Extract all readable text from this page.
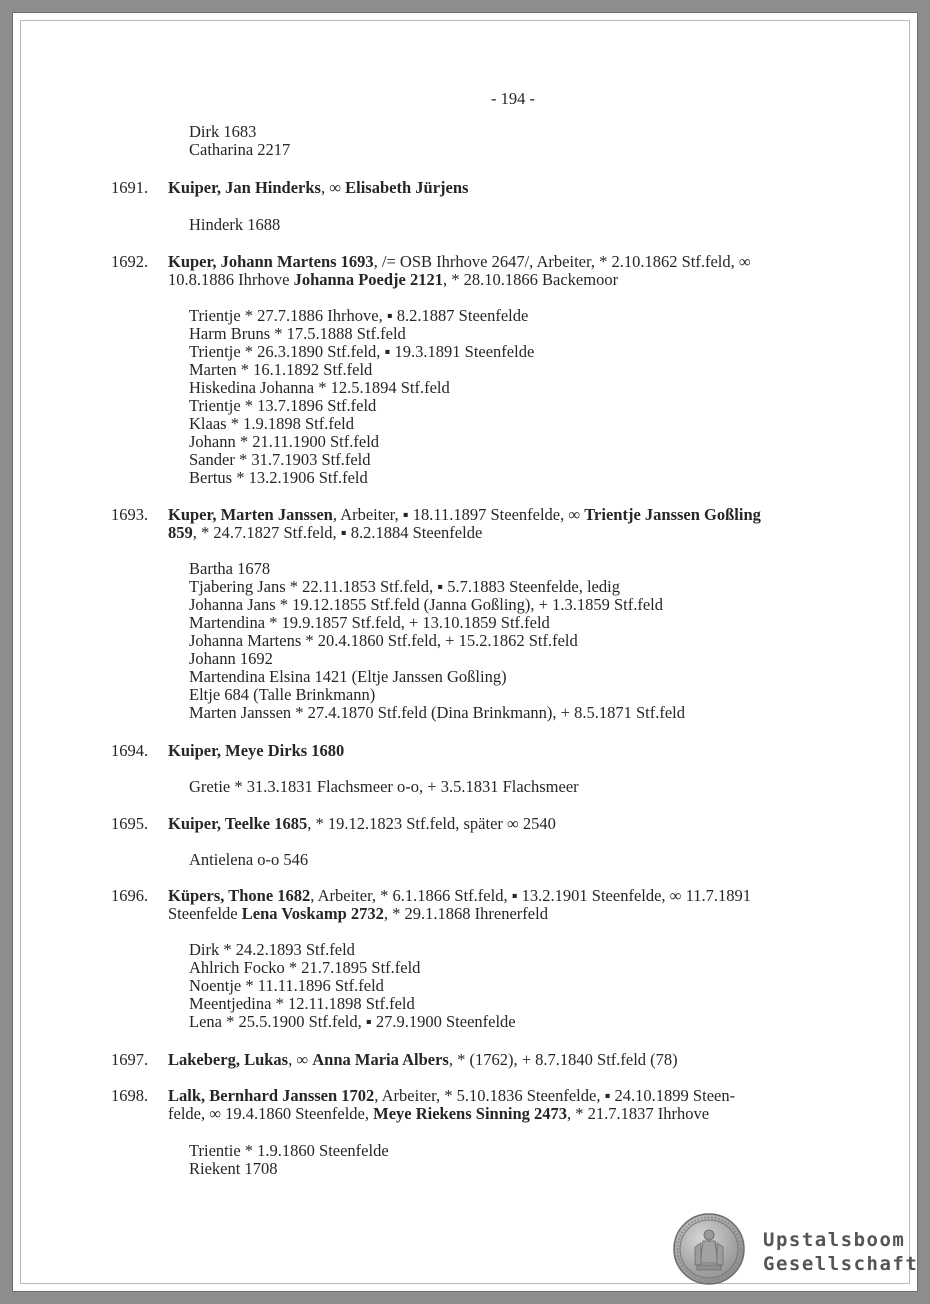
- 194 -
Dirk 1683
Catharina 2217
1691.	Kuiper, Jan Hinderks, ∞ Elisabeth Jürjens
Hinderk 1688
1692.	Kuper, Johann Martens 1693, /= OSB Ihrhove 2647/, Arbeiter, * 2.10.1862 Stf.feld, ∞
10.8.1886 Ihrhove Johanna Poedje 2121, * 28.10.1866 Backemoor
Trientje * 27.7.1886 Ihrhove, ▪ 8.2.1887 Steenfelde
Harm Bruns * 17.5.1888 Stf.feld
Trientje * 26.3.1890 Stf.feld, ▪ 19.3.1891 Steenfelde
Marten * 16.1.1892 Stf.feld
Hiskedina Johanna * 12.5.1894 Stf.feld
Trientje * 13.7.1896 Stf.feld
Klaas * 1.9.1898 Stf.feld
Johann * 21.11.1900 Stf.feld
Sander * 31.7.1903 Stf.feld
Bertus * 13.2.1906 Stf.feld
1693.	Kuper, Marten Janssen, Arbeiter, ▪ 18.11.1897 Steenfelde, ∞ Trientje Janssen Goßling
859, * 24.7.1827 Stf.feld, ▪ 8.2.1884 Steenfelde
Bartha 1678
Tjabering Jans * 22.11.1853 Stf.feld, ▪ 5.7.1883 Steenfelde, ledig
Johanna Jans * 19.12.1855 Stf.feld (Janna Goßling), + 1.3.1859 Stf.feld
Martendina * 19.9.1857 Stf.feld, + 13.10.1859 Stf.feld
Johanna Martens * 20.4.1860 Stf.feld, + 15.2.1862 Stf.feld
Johann 1692
Martendina Elsina 1421 (Eltje Janssen Goßling)
Eltje 684 (Talle Brinkmann)
Marten Janssen * 27.4.1870 Stf.feld (Dina Brinkmann), + 8.5.1871 Stf.feld
1694.	Kuiper, Meye Dirks 1680
Gretie * 31.3.1831 Flachsmeer o-o, + 3.5.1831 Flachsmeer
1695.	Kuiper, Teelke 1685, * 19.12.1823 Stf.feld, später ∞ 2540
Antielena o-o 546
1696.	Küpers, Thone 1682, Arbeiter, * 6.1.1866 Stf.feld, ▪ 13.2.1901 Steenfelde, ∞ 11.7.1891
Steenfelde Lena Voskamp 2732, * 29.1.1868 Ihrenerfeld
Dirk * 24.2.1893 Stf.feld
Ahlrich Focko * 21.7.1895 Stf.feld
Noentje * 11.11.1896 Stf.feld
Meentjedina * 12.11.1898 Stf.feld
Lena * 25.5.1900 Stf.feld, ▪ 27.9.1900 Steenfelde
1697.	Lakeberg, Lukas, ∞ Anna Maria Albers, * (1762), + 8.7.1840 Stf.feld (78)
1698.	Lalk, Bernhard Janssen 1702, Arbeiter, * 5.10.1836 Steenfelde, ▪ 24.10.1899 Steen-
felde, ∞ 19.4.1860 Steenfelde, Meye Riekens Sinning 2473, * 21.7.1837 Ihrhove
Trientie * 1.9.1860 Steenfelde
Riekent 1708
Upstalsboom
Gesellschaft
